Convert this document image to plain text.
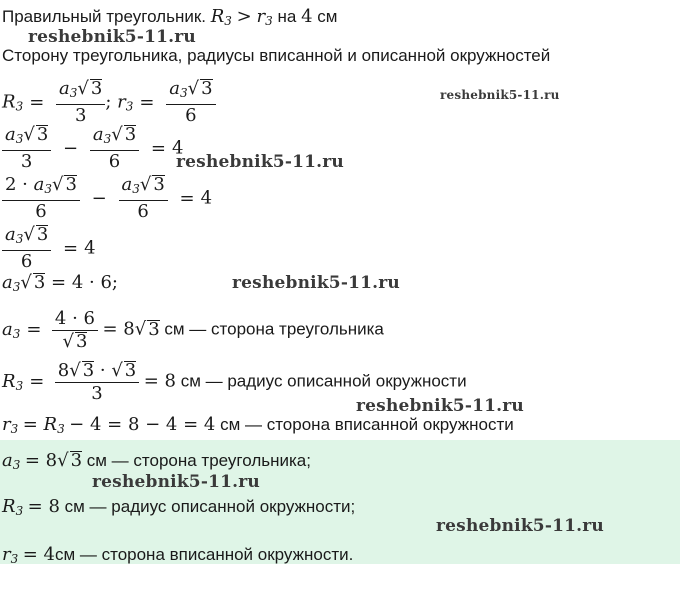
Правильный треугольник. $R_3 > r_3$ на 4 см
reshebnik5-11.ru
Сторону треугольника, радиусы вписанной и описанной окружностей
$R_3 = \frac{a_3√ 3}{3}$ ; $r_3 = \frac{a_3√ 3}{6}$	reshebnik5-11.ru
$\frac{a_3√ 3}{3} - \frac{a_3√ 3}{6} = 4$
reshebnik5-11.ru
$\frac{2 \cdot a_3√ 3}{6} - \frac{a_3√ 3}{6} = 4$
$\frac{a_3√ 3}{6} = 4$
$a_3√$ 3 = 4 · 6;	reshebnik5-11.ru
$a_3 = \frac{4 \cdot 6}{√ 3} = 8√$ 3 см — сторона треугольника
$R_3 = \frac{8√ 3 \cdot √ 3}{3} = 8$ см — радиус описанной окружности
reshebnik5-11.ru
$r_3 = R_3 - 4 = 8 - 4 = 4$ см — сторона вписанной окружности
$a_3 = 8√$ 3 см — сторона треугольника;
reshebnik5-11.ru
$R_3 = 8$ см — радиус описанной окружности;
reshebnik5-11.ru
$r_3 = 4см$ — сторона вписанной окружности.
